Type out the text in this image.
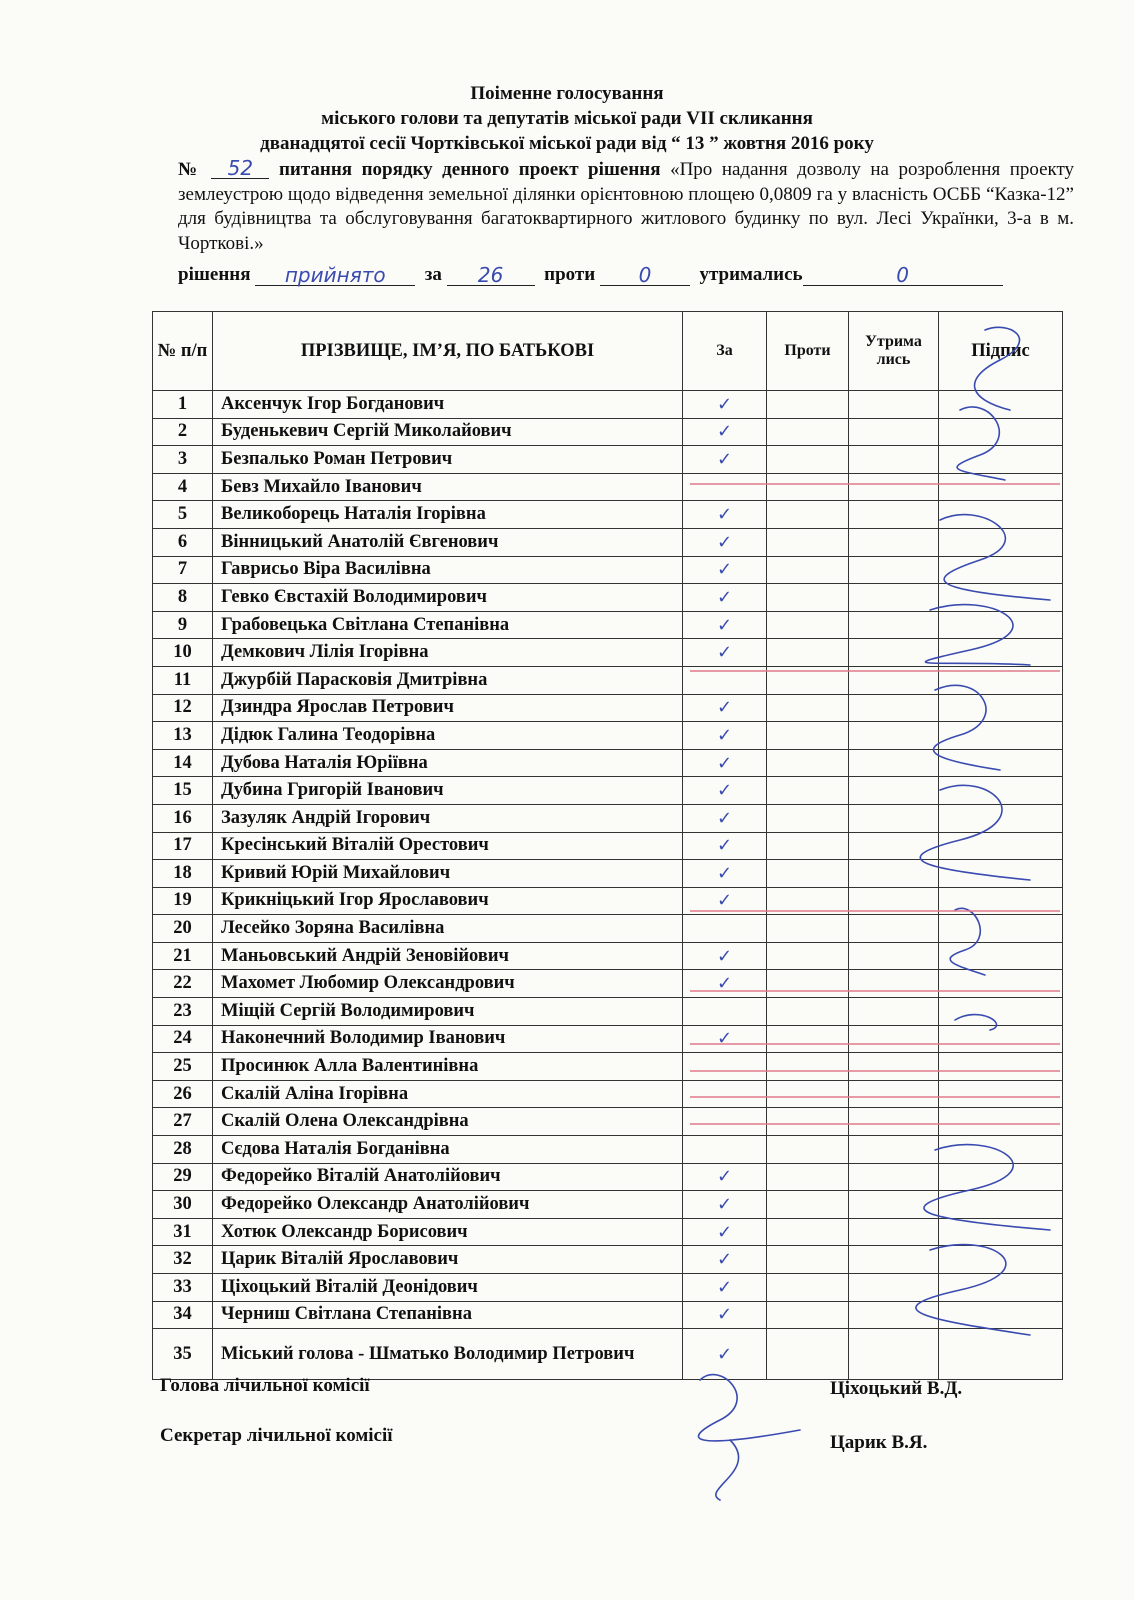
Поіменне голосування
міського голови та депутатів міської ради VII скликання
дванадцятої сесії Чортківської міської ради від “ 13 ” жовтня 2016 року
№ 52 питання порядку денного проект рішення «Про надання дозволу на розроблення проекту землеустрою щодо відведення земельної ділянки орієнтовною площею 0,0809 га у власність ОСББ “Казка-12” для будівництва та обслуговування багатоквартирного житлового будинку по вул. Лесі Українки, 3-а в м. Чорткові.»
рішення прийнято за 26 проти 0	утримались	0
№ п/п	ПРІЗВИЩЕ, ІМ’Я, ПО БАТЬКОВІ	За	Проти	Утрима лись	Підпис
1	Аксенчук Ігор Богданович	✓			
2	Буденькевич Сергій Миколайович	✓			
3	Безпалько Роман Петрович	✓			
4	Бевз Михайло Іванович				
5	Великоборець Наталія Ігорівна	✓			
6	Вінницький Анатолій Євгенович	✓			
7	Гаврисьо Віра Василівна	✓			
8	Гевко Євстахій Володимирович	✓			
9	Грабовецька Світлана Степанівна	✓			
10	Демкович Лілія Ігорівна	✓			
11	Джурбій Парасковія Дмитрівна				
12	Дзиндра Ярослав Петрович	✓			
13	Дідюк Галина Теодорівна	✓			
14	Дубова Наталія Юріївна	✓			
15	Дубина Григорій Іванович	✓			
16	Зазуляк Андрій Ігорович	✓			
17	Кресінський Віталій Орестович	✓			
18	Кривий Юрій Михайлович	✓			
19	Крикніцький Ігор Ярославович	✓			
20	Лесейко Зоряна Василівна				
21	Маньовський Андрій Зеновійович	✓			
22	Махомет Любомир Олександрович	✓			
23	Міщій Сергій Володимирович				
24	Наконечний Володимир Іванович	✓			
25	Просинюк Алла Валентинівна				
26	Скалій Аліна Ігорівна				
27	Скалій Олена Олександрівна				
28	Сєдова Наталія Богданівна				
29	Федорейко Віталій Анатолійович	✓			
30	Федорейко Олександр Анатолійович	✓			
31	Хотюк Олександр Борисович	✓			
32	Царик Віталій Ярославович	✓			
33	Ціхоцький Віталій Деонідович	✓			
34	Черниш Світлана Степанівна	✓			
35	Міський голова - Шматько Володимир Петрович	✓			
Голова лічильної комісії
Секретар лічильної комісії
Ціхоцький В.Д.
Царик В.Я.
